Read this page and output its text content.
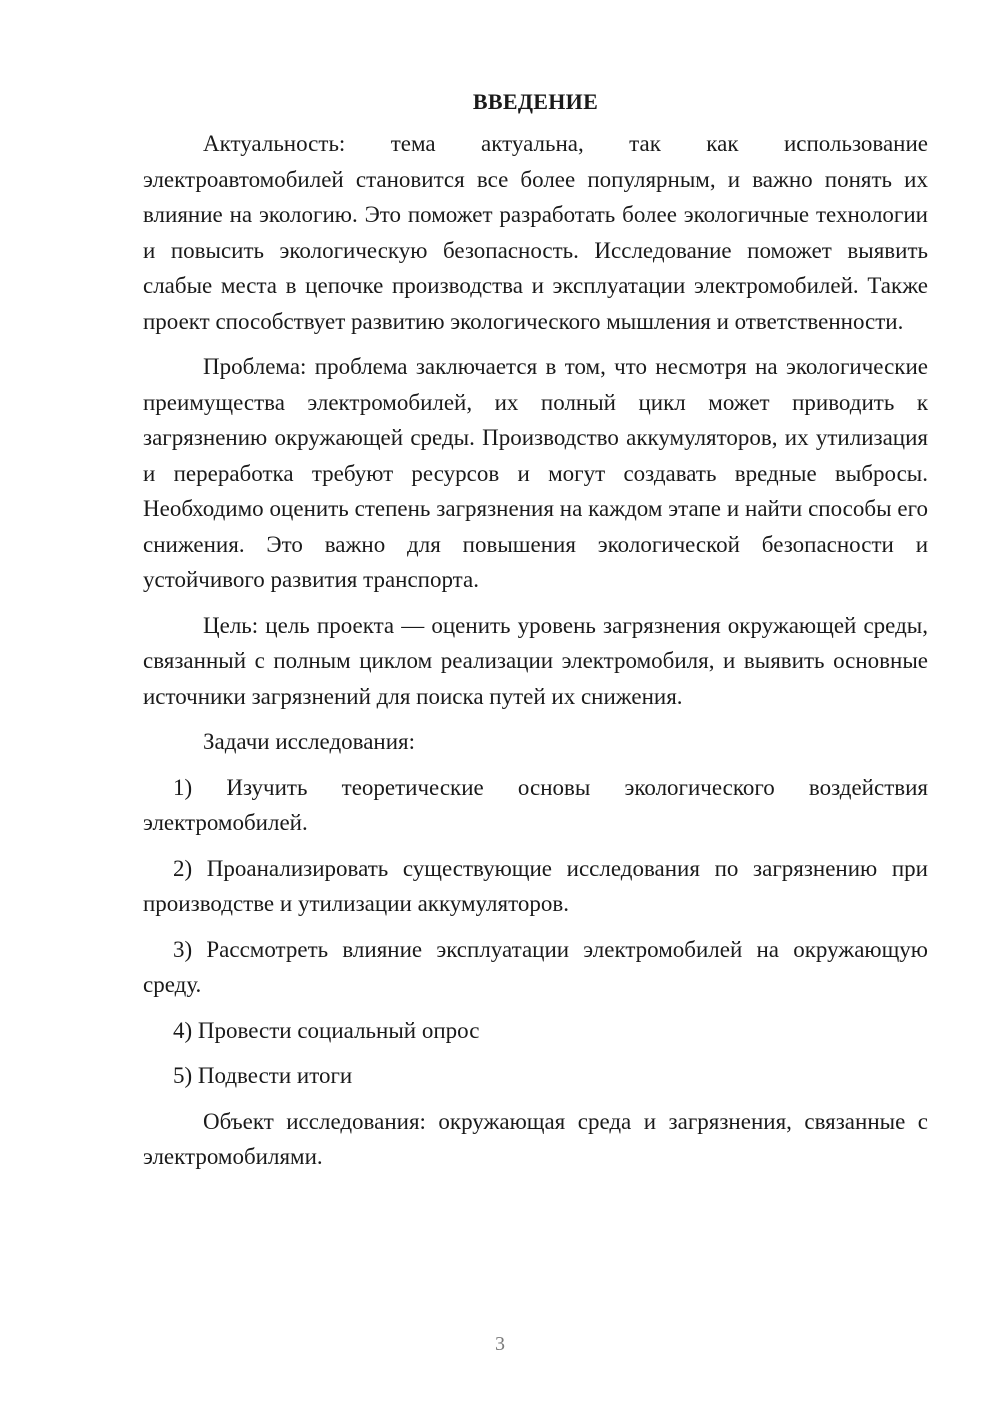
ВВЕДЕНИЕ

Актуальность: тема актуальна, так как использование электроавтомобилей становится все более популярным, и важно понять их влияние на экологию. Это поможет разработать более экологичные технологии и повысить экологическую безопасность. Исследование поможет выявить слабые места в цепочке производства и эксплуатации электромобилей. Также проект способствует развитию экологического мышления и ответственности.

Проблема: проблема заключается в том, что несмотря на экологические преимущества электромобилей, их полный цикл может приводить к загрязнению окружающей среды. Производство аккумуляторов, их утилизация и переработка требуют ресурсов и могут создавать вредные выбросы. Необходимо оценить степень загрязнения на каждом этапе и найти способы его снижения. Это важно для повышения экологической безопасности и устойчивого развития транспорта.

Цель: цель проекта — оценить уровень загрязнения окружающей среды, связанный с полным циклом реализации электромобиля, и выявить основные источники загрязнений для поиска путей их снижения.

Задачи исследования:

1) Изучить теоретические основы экологического воздействия электромобилей.

2) Проанализировать существующие исследования по загрязнению при производстве и утилизации аккумуляторов.

3) Рассмотреть влияние эксплуатации электромобилей на окружающую среду.

4) Провести социальный опрос

5) Подвести итоги

Объект исследования: окружающая среда и загрязнения, связанные с электромобилями.

3
